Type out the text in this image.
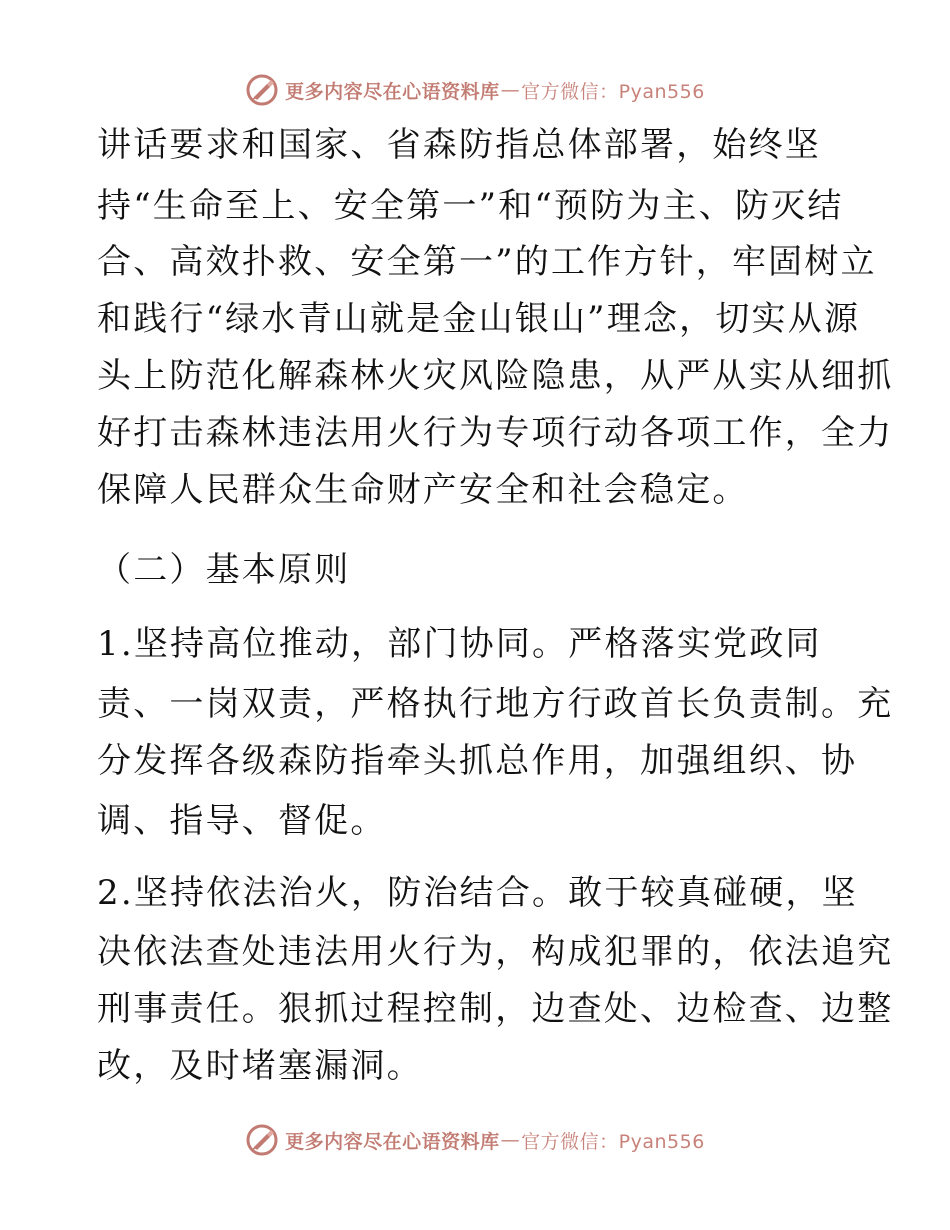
更多内容尽在心语资料库 — 官方微信：Pyan556
讲话要求和国家、省森防指总体部署，始终坚
持“生命至上、安全第一”和“预防为主、防灭结
合、高效扑救、安全第一”的工作方针，牢固树立
和践行“绿水青山就是金山银山”理念，切实从源
头上防范化解森林火灾风险隐患，从严从实从细抓
好打击森林违法用火行为专项行动各项工作，全力
保障人民群众生命财产安全和社会稳定。
（二）基本原则
1.坚持高位推动，部门协同。严格落实党政同
责、一岗双责，严格执行地方行政首长负责制。充
分发挥各级森防指牵头抓总作用，加强组织、协
调、指导、督促。
2.坚持依法治火，防治结合。敢于较真碰硬，坚
决依法查处违法用火行为，构成犯罪的，依法追究
刑事责任。狠抓过程控制，边查处、边检查、边整
改，及时堵塞漏洞。
更多内容尽在心语资料库 — 官方微信：Pyan556
